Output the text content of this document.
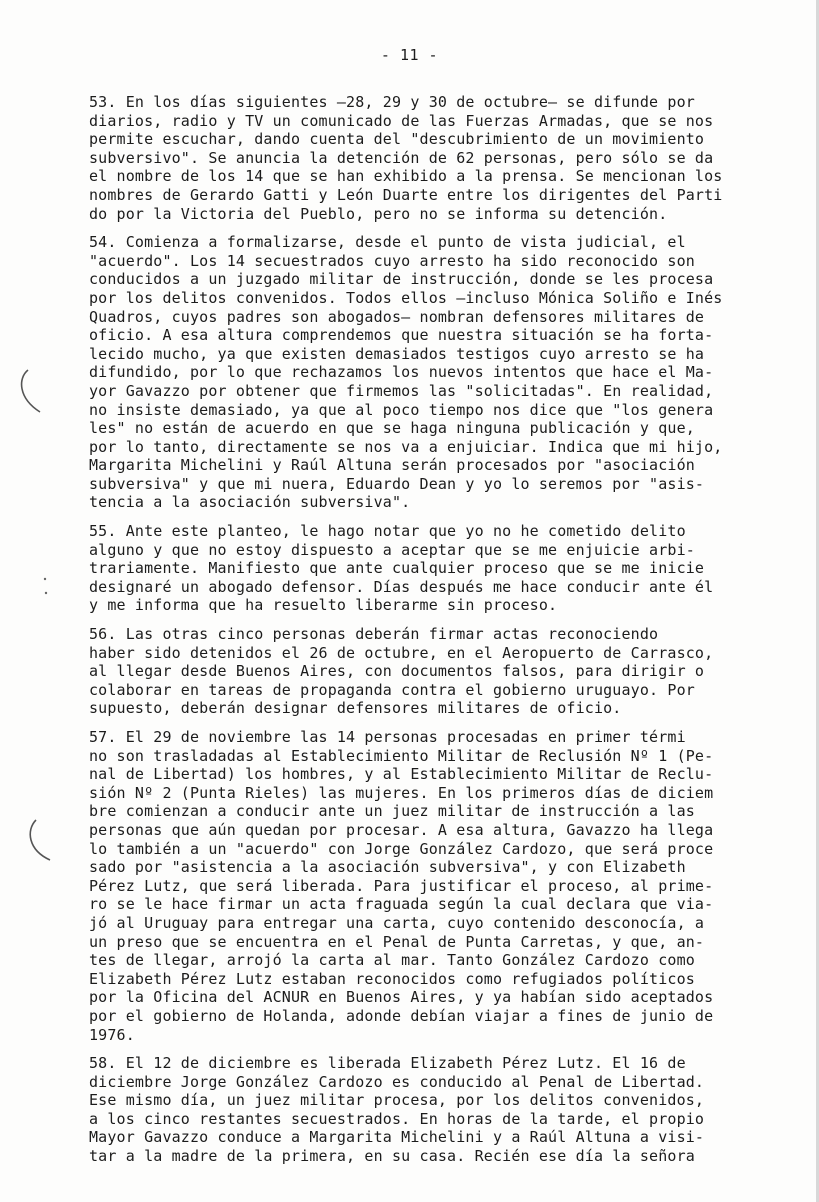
- 11 -
53. En los días siguientes —28, 29 y 30 de octubre— se difunde por
diarios, radio y TV un comunicado de las Fuerzas Armadas, que se nos
permite escuchar, dando cuenta del "descubrimiento de un movimiento
subversivo". Se anuncia la detención de 62 personas, pero sólo se da
el nombre de los 14 que se han exhibido a la prensa. Se mencionan los
nombres de Gerardo Gatti y León Duarte entre los dirigentes del Parti
do por la Victoria del Pueblo, pero no se informa su detención.
54. Comienza a formalizarse, desde el punto de vista judicial, el
"acuerdo". Los 14 secuestrados cuyo arresto ha sido reconocido son
conducidos a un juzgado militar de instrucción, donde se les procesa
por los delitos convenidos. Todos ellos —incluso Mónica Soliño e Inés
Quadros, cuyos padres son abogados— nombran defensores militares de
oficio. A esa altura comprendemos que nuestra situación se ha forta-
lecido mucho, ya que existen demasiados testigos cuyo arresto se ha
difundido, por lo que rechazamos los nuevos intentos que hace el Ma-
yor Gavazzo por obtener que firmemos las "solicitadas". En realidad,
no insiste demasiado, ya que al poco tiempo nos dice que "los genera
les" no están de acuerdo en que se haga ninguna publicación y que,
por lo tanto, directamente se nos va a enjuiciar. Indica que mi hijo,
Margarita Michelini y Raúl Altuna serán procesados por "asociación
subversiva" y que mi nuera, Eduardo Dean y yo lo seremos por "asis-
tencia a la asociación subversiva".
55. Ante este planteo, le hago notar que yo no he cometido delito
alguno y que no estoy dispuesto a aceptar que se me enjuicie arbi-
trariamente. Manifiesto que ante cualquier proceso que se me inicie
designaré un abogado defensor. Días después me hace conducir ante él
y me informa que ha resuelto liberarme sin proceso.
56. Las otras cinco personas deberán firmar actas reconociendo
haber sido detenidos el 26 de octubre, en el Aeropuerto de Carrasco,
al llegar desde Buenos Aires, con documentos falsos, para dirigir o
colaborar en tareas de propaganda contra el gobierno uruguayo. Por
supuesto, deberán designar defensores militares de oficio.
57. El 29 de noviembre las 14 personas procesadas en primer térmi
no son trasladadas al Establecimiento Militar de Reclusión Nº 1 (Pe-
nal de Libertad) los hombres, y al Establecimiento Militar de Reclu-
sión Nº 2 (Punta Rieles) las mujeres. En los primeros días de diciem
bre comienzan a conducir ante un juez militar de instrucción a las
personas que aún quedan por procesar. A esa altura, Gavazzo ha llega
lo también a un "acuerdo" con Jorge González Cardozo, que será proce
sado por "asistencia a la asociación subversiva", y con Elizabeth
Pérez Lutz, que será liberada. Para justificar el proceso, al prime-
ro se le hace firmar un acta fraguada según la cual declara que via-
jó al Uruguay para entregar una carta, cuyo contenido desconocía, a
un preso que se encuentra en el Penal de Punta Carretas, y que, an-
tes de llegar, arrojó la carta al mar. Tanto González Cardozo como
Elizabeth Pérez Lutz estaban reconocidos como refugiados políticos
por la Oficina del ACNUR en Buenos Aires, y ya habían sido aceptados
por el gobierno de Holanda, adonde debían viajar a fines de junio de
1976.
58. El 12 de diciembre es liberada Elizabeth Pérez Lutz. El 16 de
diciembre Jorge González Cardozo es conducido al Penal de Libertad.
Ese mismo día, un juez militar procesa, por los delitos convenidos,
a los cinco restantes secuestrados. En horas de la tarde, el propio
Mayor Gavazzo conduce a Margarita Michelini y a Raúl Altuna a visi-
tar a la madre de la primera, en su casa. Recién ese día la señora
